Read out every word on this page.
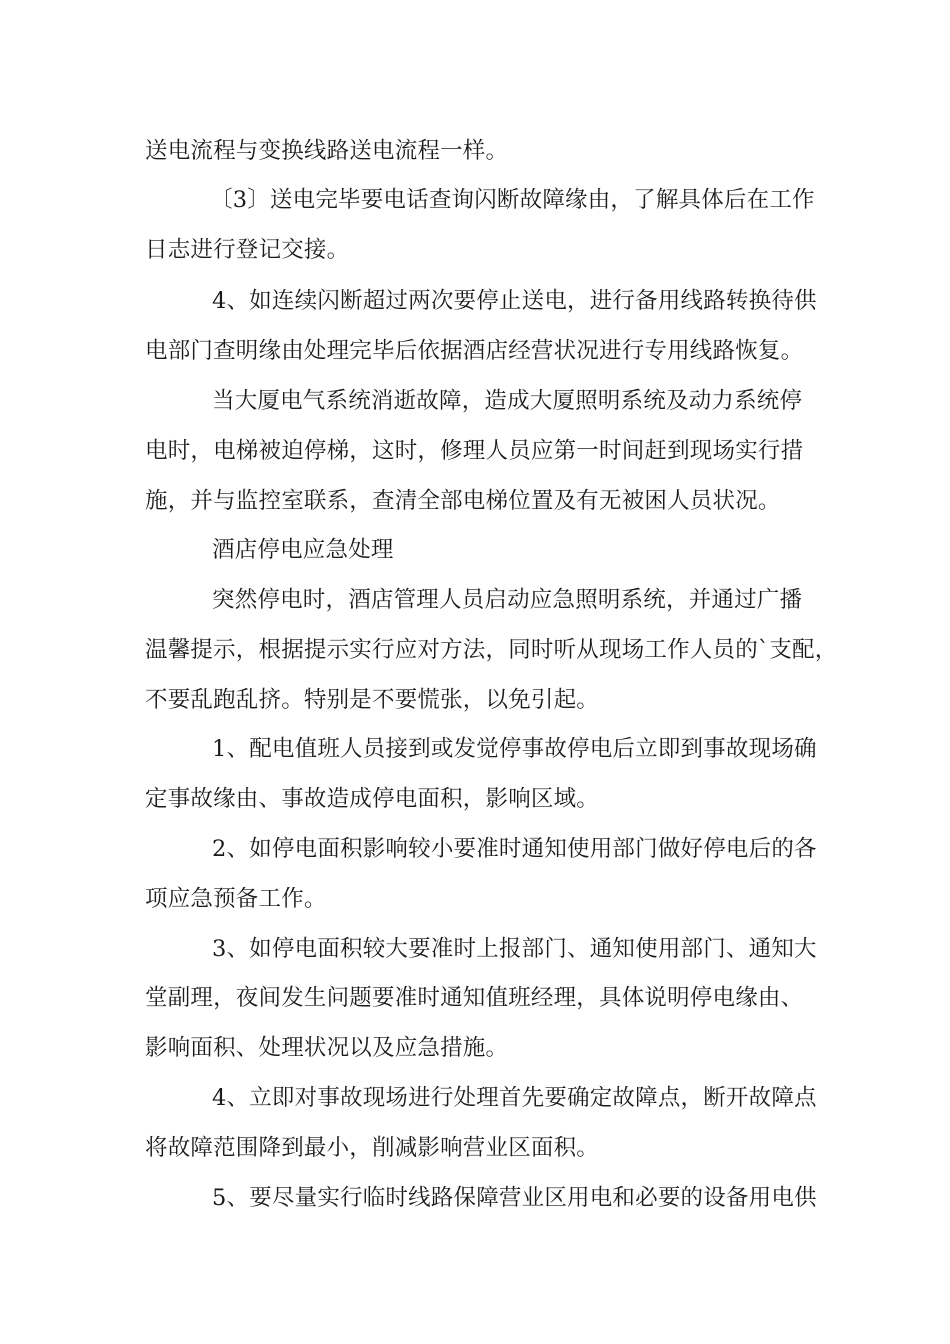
送电流程与变换线路送电流程一样。
〔3〕送电完毕要电话查询闪断故障缘由，了解具体后在工作
日志进行登记交接。
4、如连续闪断超过两次要停止送电，进行备用线路转换待供
电部门查明缘由处理完毕后依据酒店经营状况进行专用线路恢复。
当大厦电气系统消逝故障，造成大厦照明系统及动力系统停
电时，电梯被迫停梯，这时，修理人员应第一时间赶到现场实行措
施，并与监控室联系，查清全部电梯位置及有无被困人员状况。
酒店停电应急处理
突然停电时，酒店管理人员启动应急照明系统，并通过广播
温馨提示，根据提示实行应对方法，同时听从现场工作人员的`支配，
不要乱跑乱挤。特别是不要慌张，以免引起。
1、配电值班人员接到或发觉停事故停电后立即到事故现场确
定事故缘由、事故造成停电面积，影响区域。
2、如停电面积影响较小要准时通知使用部门做好停电后的各
项应急预备工作。
3、如停电面积较大要准时上报部门、通知使用部门、通知大
堂副理，夜间发生问题要准时通知值班经理，具体说明停电缘由、
影响面积、处理状况以及应急措施。
4、立即对事故现场进行处理首先要确定故障点，断开故障点
将故障范围降到最小，削减影响营业区面积。
5、要尽量实行临时线路保障营业区用电和必要的设备用电供
